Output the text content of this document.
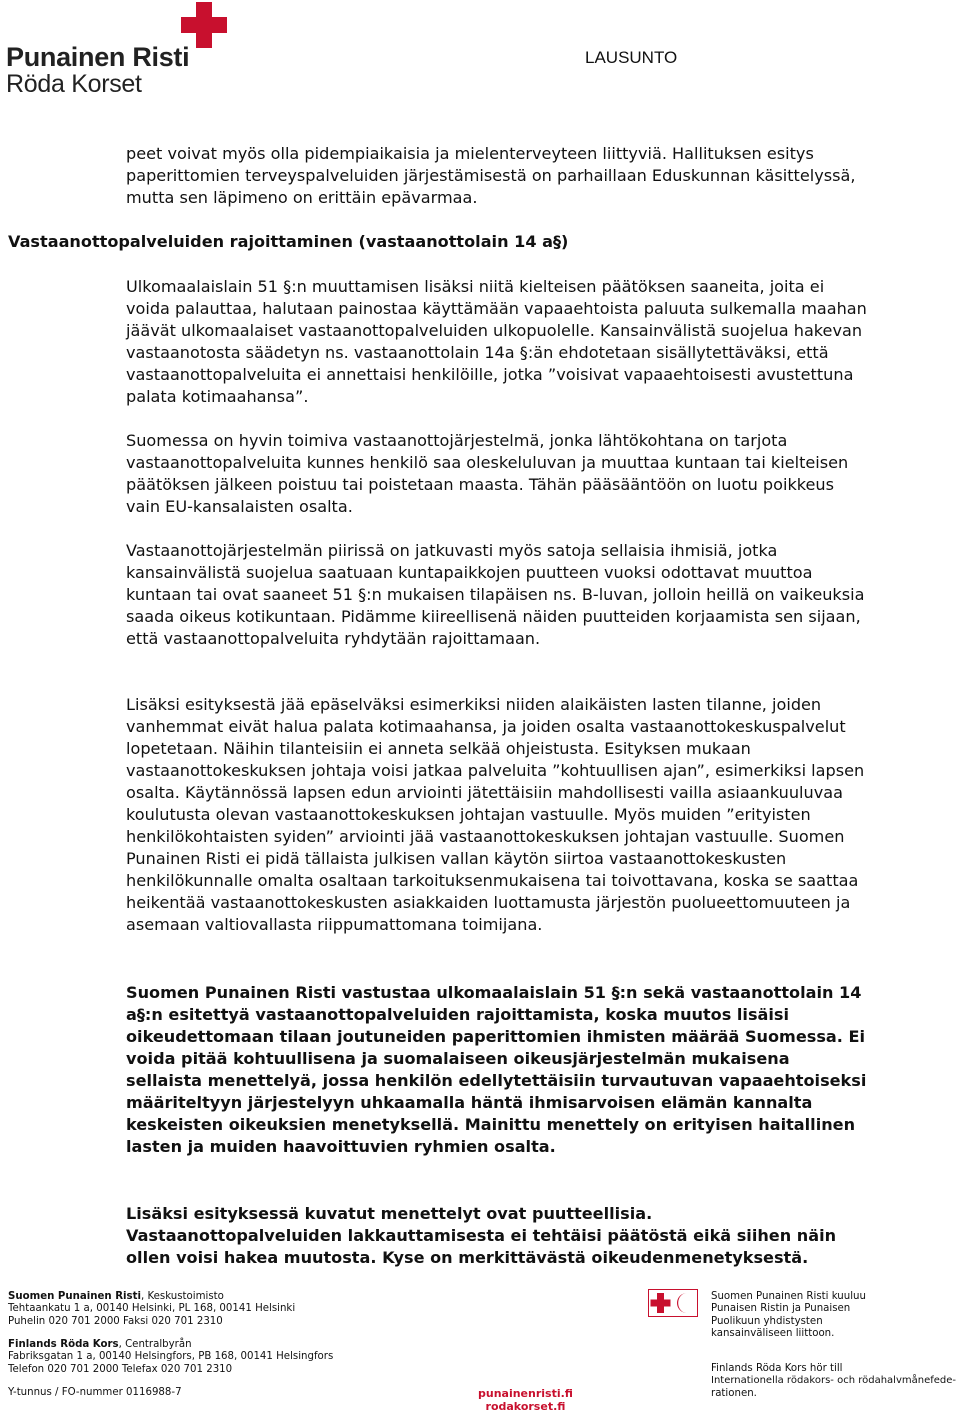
Punainen Risti
Röda Korset
LAUSUNTO

peet voivat myös olla pidempiaikaisia ja mielenterveyteen liittyviä. Hallituksen esitys paperittomien terveyspalveluiden järjestämisestä on parhaillaan Eduskunnan käsittelyssä, mutta sen läpimeno on erittäin epävarmaa.

Vastaanottopalveluiden rajoittaminen (vastaanottolain 14 a§)

Ulkomaalaislain 51 §:n muuttamisen lisäksi niitä kielteisen päätöksen saaneita, joita ei voida palauttaa, halutaan painostaa käyttämään vapaaehtoista paluuta sulkemalla maahan jäävät ulkomaalaiset vastaanottopalveluiden ulkopuolelle. Kansainvälistä suojelua hakevan vastaanotosta säädetyn ns. vastaanottolain 14a §:än ehdotetaan sisällytettäväksi, että vastaanottopalveluita ei annettaisi henkilöille, jotka ”voisivat vapaaehtoisesti avustettuna palata kotimaahansa”.

Suomessa on hyvin toimiva vastaanottojärjestelmä, jonka lähtökohtana on tarjota vastaanottopalveluita kunnes henkilö saa oleskeluluvan ja muuttaa kuntaan tai kielteisen päätöksen jälkeen poistuu tai poistetaan maasta. Tähän pääsääntöön on luotu poikkeus vain EU-kansalaisten osalta.

Vastaanottojärjestelmän piirissä on jatkuvasti myös satoja sellaisia ihmisiä, jotka kansainvälistä suojelua saatuaan kuntapaikkojen puutteen vuoksi odottavat muuttoa kuntaan tai ovat saaneet 51 §:n mukaisen tilapäisen ns. B-luvan, jolloin heillä on vaikeuksia saada oikeus kotikuntaan. Pidämme kiireellisenä näiden puutteiden korjaamista sen sijaan, että vastaanottopalveluita ryhdytään rajoittamaan.

Lisäksi esityksestä jää epäselväksi esimerkiksi niiden alaikäisten lasten tilanne, joiden vanhemmat eivät halua palata kotimaahansa, ja joiden osalta vastaanottokeskuspalvelut lopetetaan. Näihin tilanteisiin ei anneta selkää ohjeistusta. Esityksen mukaan vastaanottokeskuksen johtaja voisi jatkaa palveluita ”kohtuullisen ajan”, esimerkiksi lapsen osalta. Käytännössä lapsen edun arviointi jätettäisiin mahdollisesti vailla asiaankuuluvaa koulutusta olevan vastaanottokeskuksen johtajan vastuulle. Myös muiden ”erityisten henkilökohtaisten syiden” arviointi jää vastaanottokeskuksen johtajan vastuulle. Suomen Punainen Risti ei pidä tällaista julkisen vallan käytön siirtoa vastaanottokeskusten henkilökunnalle omalta osaltaan tarkoituksenmukaisena tai toivottavana, koska se saattaa heikentää vastaanottokeskusten asiakkaiden luottamusta järjestön puolueettomuuteen ja asemaan valtiovallasta riippumattomana toimijana.

Suomen Punainen Risti vastustaa ulkomaalaislain 51 §:n sekä vastaanottolain 14 a§:n esitettyä vastaanottopalveluiden rajoittamista, koska muutos lisäisi oikeudettomaan tilaan joutuneiden paperittomien ihmisten määrää Suomessa. Ei voida pitää kohtuullisena ja suomalaiseen oikeusjärjestelmän mukaisena sellaista menettelyä, jossa henkilön edellytettäisiin turvautuvan vapaaehtoiseksi määriteltyyn järjestelyyn uhkaamalla häntä ihmisarvoisen elämän kannalta keskeisten oikeuksien menetyksellä. Mainittu menettely on erityisen haitallinen lasten ja muiden haavoittuvien ryhmien osalta.

Lisäksi esityksessä kuvatut menettelyt ovat puutteellisia. Vastaanottopalveluiden lakkauttamisesta ei tehtäisi päätöstä eikä siihen näin ollen voisi hakea muutosta. Kyse on merkittävästä oikeudenmenetyksestä.

Suomen Punainen Risti, Keskustoimisto
Tehtaankatu 1 a, 00140 Helsinki, PL 168, 00141 Helsinki
Puhelin 020 701 2000 Faksi 020 701 2310
Finlands Röda Kors, Centralbyrån
Fabriksgatan 1 a, 00140 Helsingfors, PB 168, 00141 Helsingfors
Telefon 020 701 2000 Telefax 020 701 2310
Y-tunnus / FO-nummer 0116988-7	punainenristi.fi
rodakorset.fi
Suomen Punainen Risti kuuluu
Punaisen Ristin ja Punaisen
Puolikuun yhdistysten
kansainväliseen liittoon.
Finlands Röda Kors hör till
Internationella rödakors- och rödahalvmånefede-
rationen.
